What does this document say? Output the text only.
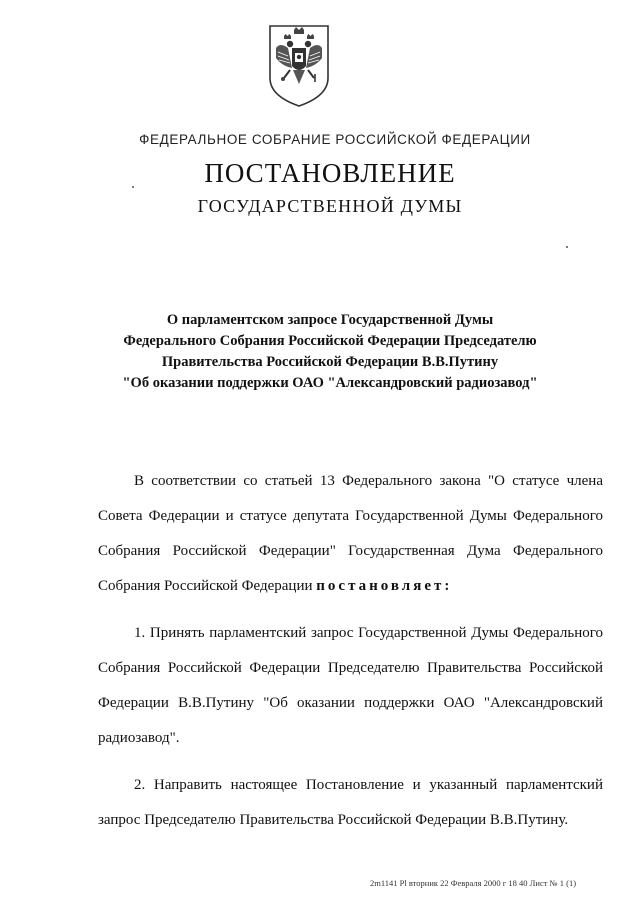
ФЕДЕРАЛЬНОЕ СОБРАНИЕ РОССИЙСКОЙ ФЕДЕРАЦИИ
ПОСТАНОВЛЕНИЕ
ГОСУДАРСТВЕННОЙ ДУМЫ
О парламентском запросе Государственной Думы
Федерального Собрания Российской Федерации Председателю
Правительства Российской Федерации В.В.Путину
"Об оказании поддержки ОАО "Александровский радиозавод"

В соответствии со статьей 13 Федерального закона "О статусе члена Совета Федерации и статусе депутата Государственной Думы Федерального Собрания Российской Федерации" Государственная Дума Федерального Собрания Российской Федерации постановляет:

1. Принять парламентский запрос Государственной Думы Федерального Собрания Российской Федерации Председателю Правительства Российской Федерации В.В.Путину "Об оказании поддержки ОАО "Александровский радиозавод".

2. Направить настоящее Постановление и указанный парламентский запрос Председателю Правительства Российской Федерации В.В.Путину.

2m1141 Pl вторник 22 Февраля 2000 г 18 40 Лист № 1 (1)
